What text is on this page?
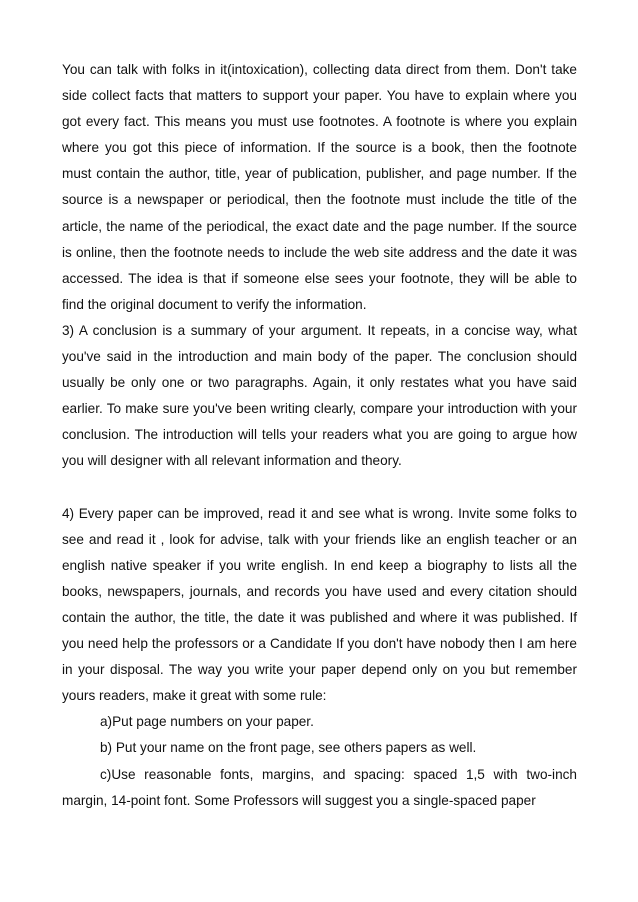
You can talk with folks in it(intoxication), collecting data direct from them. Don't take side collect facts that matters to support your paper. You have to explain where you got every fact. This means you must use footnotes. A footnote is where you explain where you got this piece of information. If the source is a book, then the footnote must contain the author, title, year of publication, publisher, and page number. If the source is a newspaper or periodical, then the footnote must include the title of the article, the name of the periodical, the exact date and the page number. If the source is online, then the footnote needs to include the web site address and the date it was accessed. The idea is that if someone else sees your footnote, they will be able to find the original document to verify the information.

3) A conclusion is a summary of your argument. It repeats, in a concise way, what you've said in the introduction and main body of the paper. The conclusion should usually be only one or two paragraphs. Again, it only restates what you have said earlier. To make sure you've been writing clearly, compare your introduction with your conclusion. The introduction will tells your readers what you are going to argue how you will designer with all relevant information and theory.

4) Every paper can be improved, read it and see what is wrong. Invite some folks to see and read it , look for advise, talk with your friends like an english teacher or an english native speaker if you write english. In end keep a biography to lists all the books, newspapers, journals, and records you have used and every citation should contain the author, the title, the date it was published and where it was published. If you need help the professors or a Candidate If you don't have nobody then I am here in your disposal. The way you write your paper depend only on you but remember yours readers, make it great with some rule:

a)Put page numbers on your paper.

b) Put your name on the front page, see others papers as well.

c)Use reasonable fonts, margins, and spacing: spaced 1,5 with two-inch margin, 14-point font. Some Professors will suggest you a single-spaced paper
